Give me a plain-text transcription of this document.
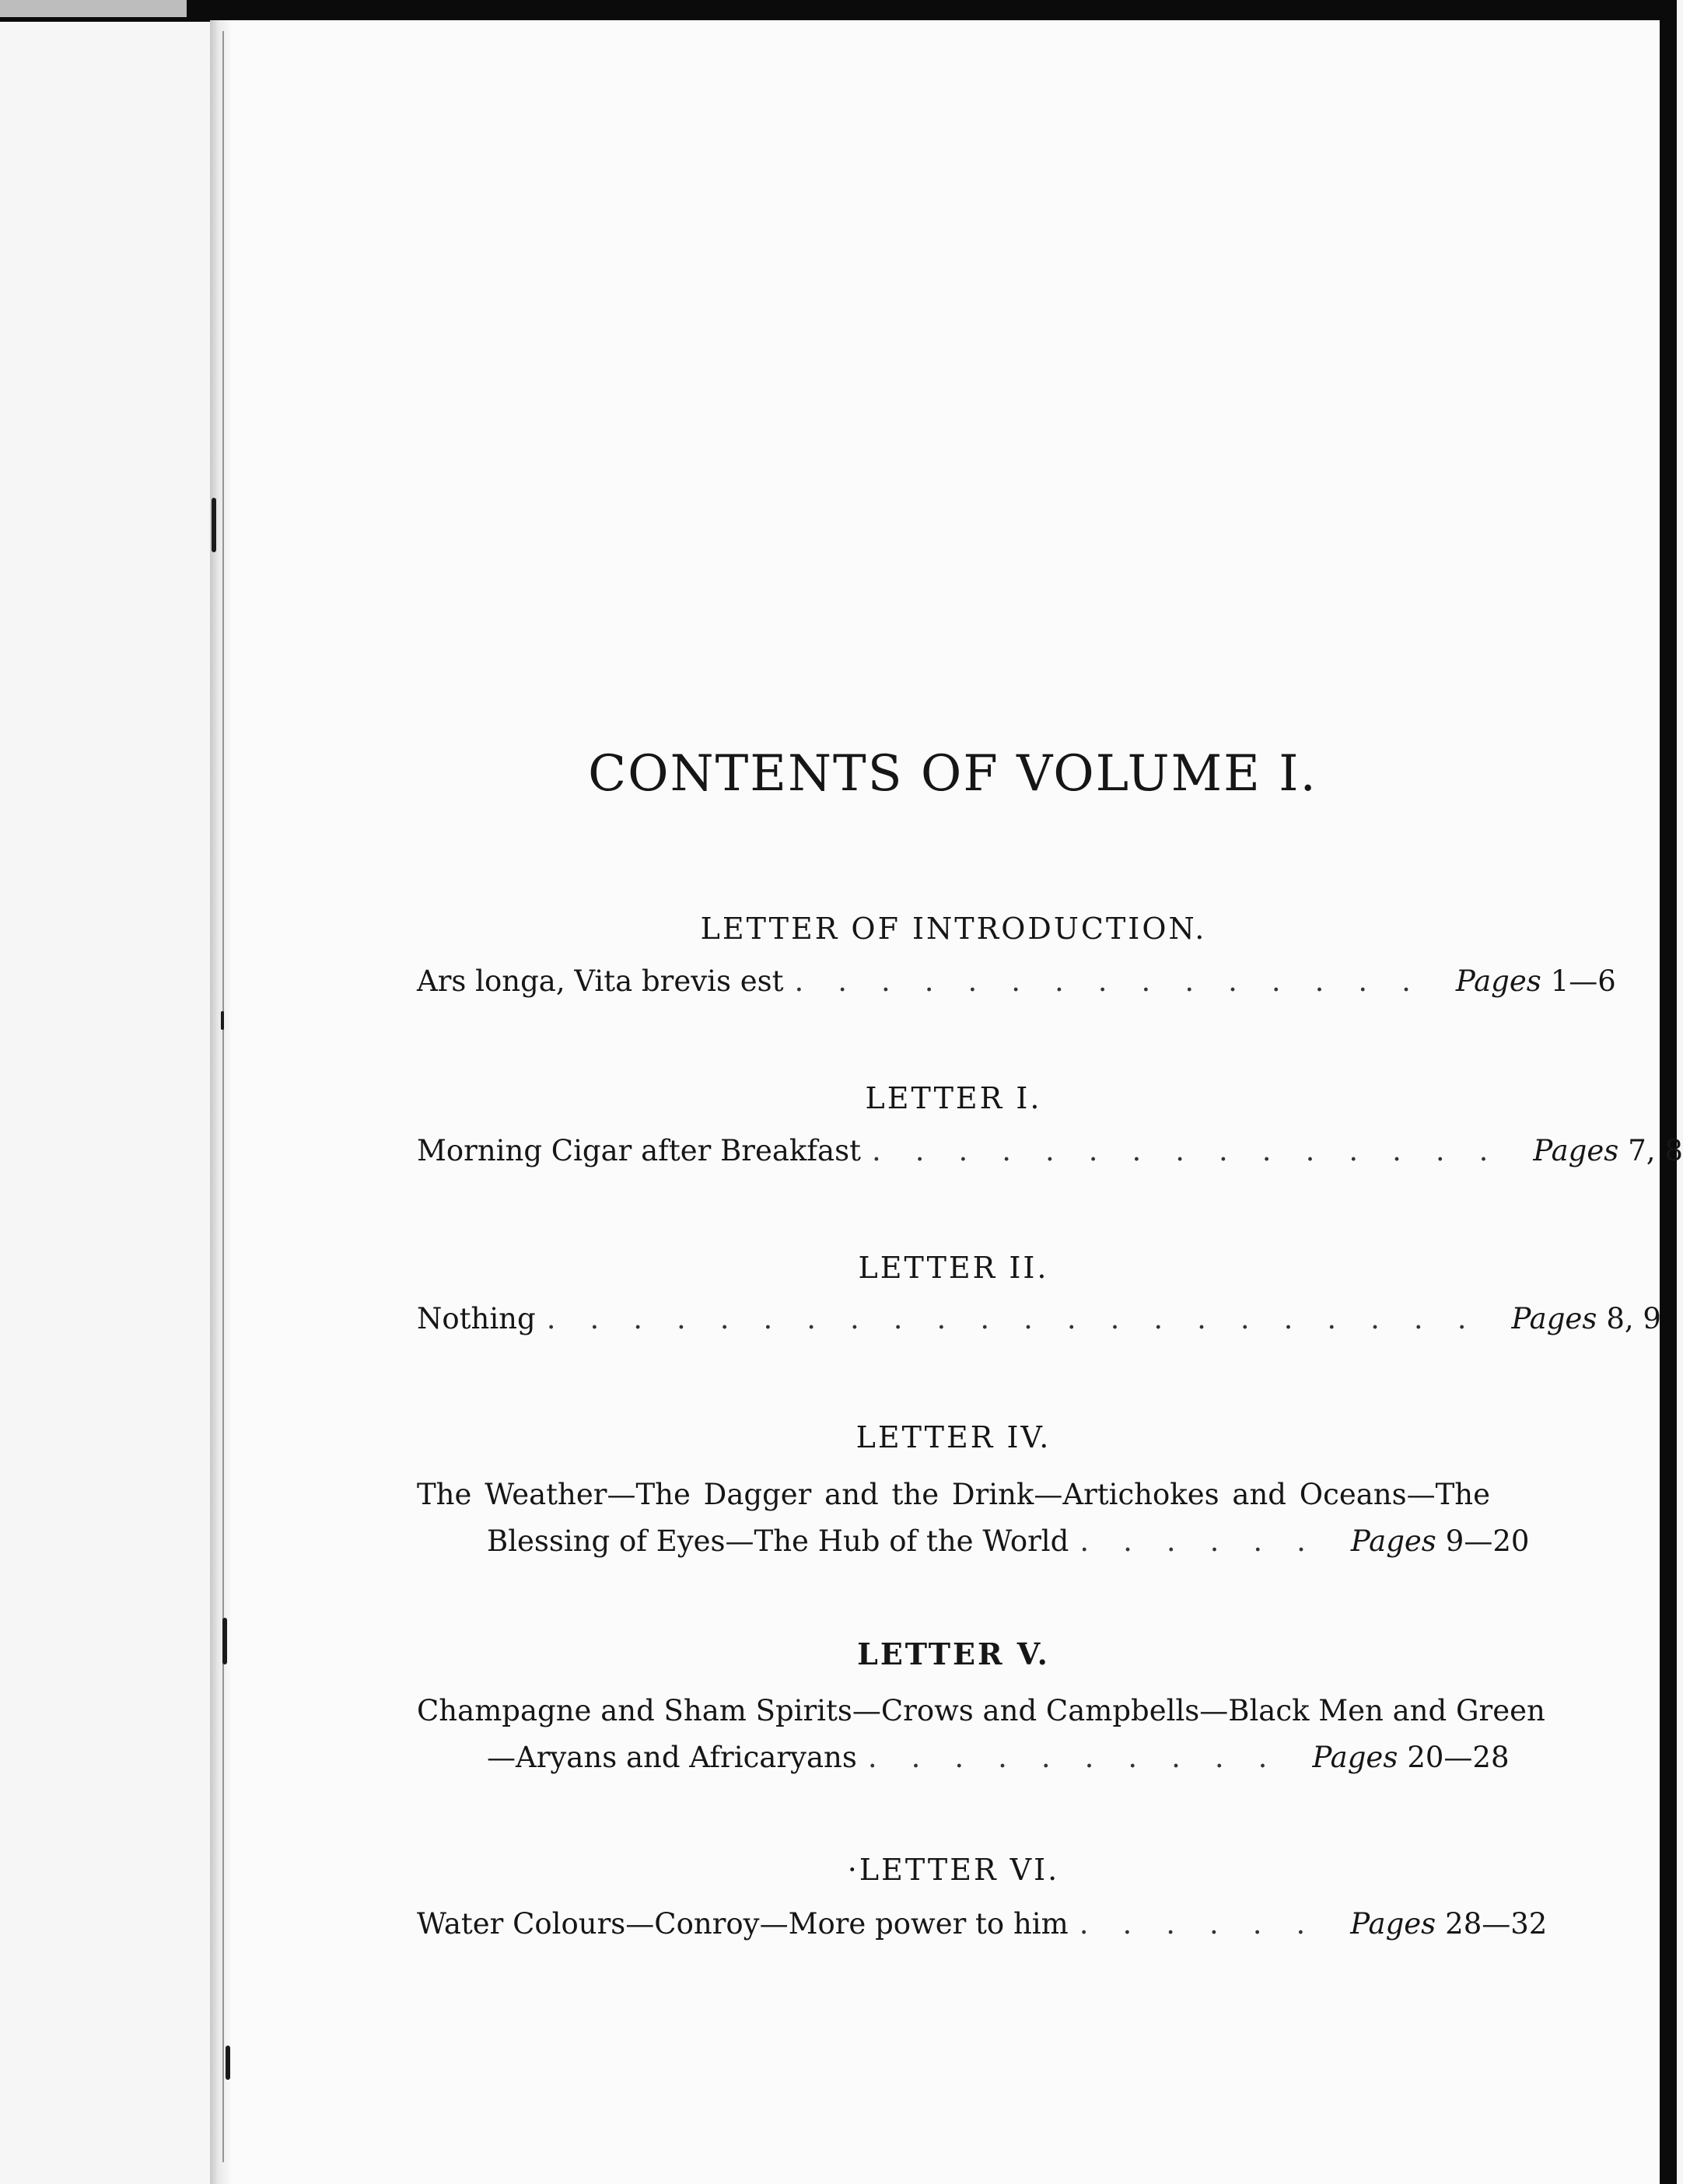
CONTENTS OF VOLUME I.
LETTER OF INTRODUCTION.
Ars longa, Vita brevis est ............... Pages 1—6
LETTER I.
Morning Cigar after Breakfast ............... Pages 7, 8
LETTER II.
Nothing ...................... Pages 8, 9
LETTER IV.
The Weather—The Dagger and the Drink—Artichokes and Oceans—The
Blessing of Eyes—The Hub of the World ...... Pages 9—20
LETTER V.
Champagne and Sham Spirits—Crows and Campbells—Black Men and Green
—Aryans and Africaryans .......... Pages 20—28
·LETTER VI.
Water Colours—Conroy—More power to him ...... Pages 28—32
